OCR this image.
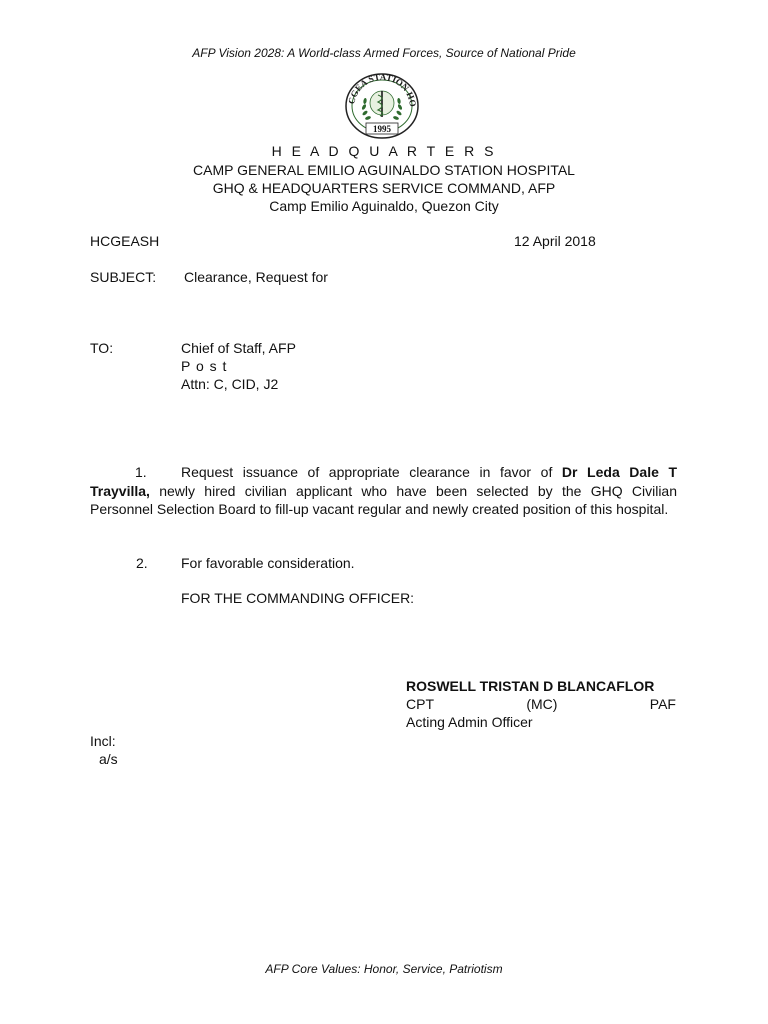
AFP Vision 2028: A World-class Armed Forces, Source of National Pride
CGEA STATION HO
1995
H E A D Q U A R T E R S
CAMP GENERAL EMILIO AGUINALDO STATION HOSPITAL
GHQ & HEADQUARTERS SERVICE COMMAND, AFP
Camp Emilio Aguinaldo, Quezon City
HCGEASH	12 April 2018
SUBJECT: Clearance, Request for
TO:	Chief of Staff, AFP
P o s t
Attn: C, CID, J2
1. Request issuance of appropriate clearance in favor of Dr Leda Dale T Trayvilla, newly hired civilian applicant who have been selected by the GHQ Civilian Personnel Selection Board to fill-up vacant regular and newly created position of this hospital.
2. For favorable consideration.
FOR THE COMMANDING OFFICER:
ROSWELL TRISTAN D BLANCAFLOR
CPT	(MC)	PAF
Acting Admin Officer
Incl:
a/s
AFP Core Values: Honor, Service, Patriotism
